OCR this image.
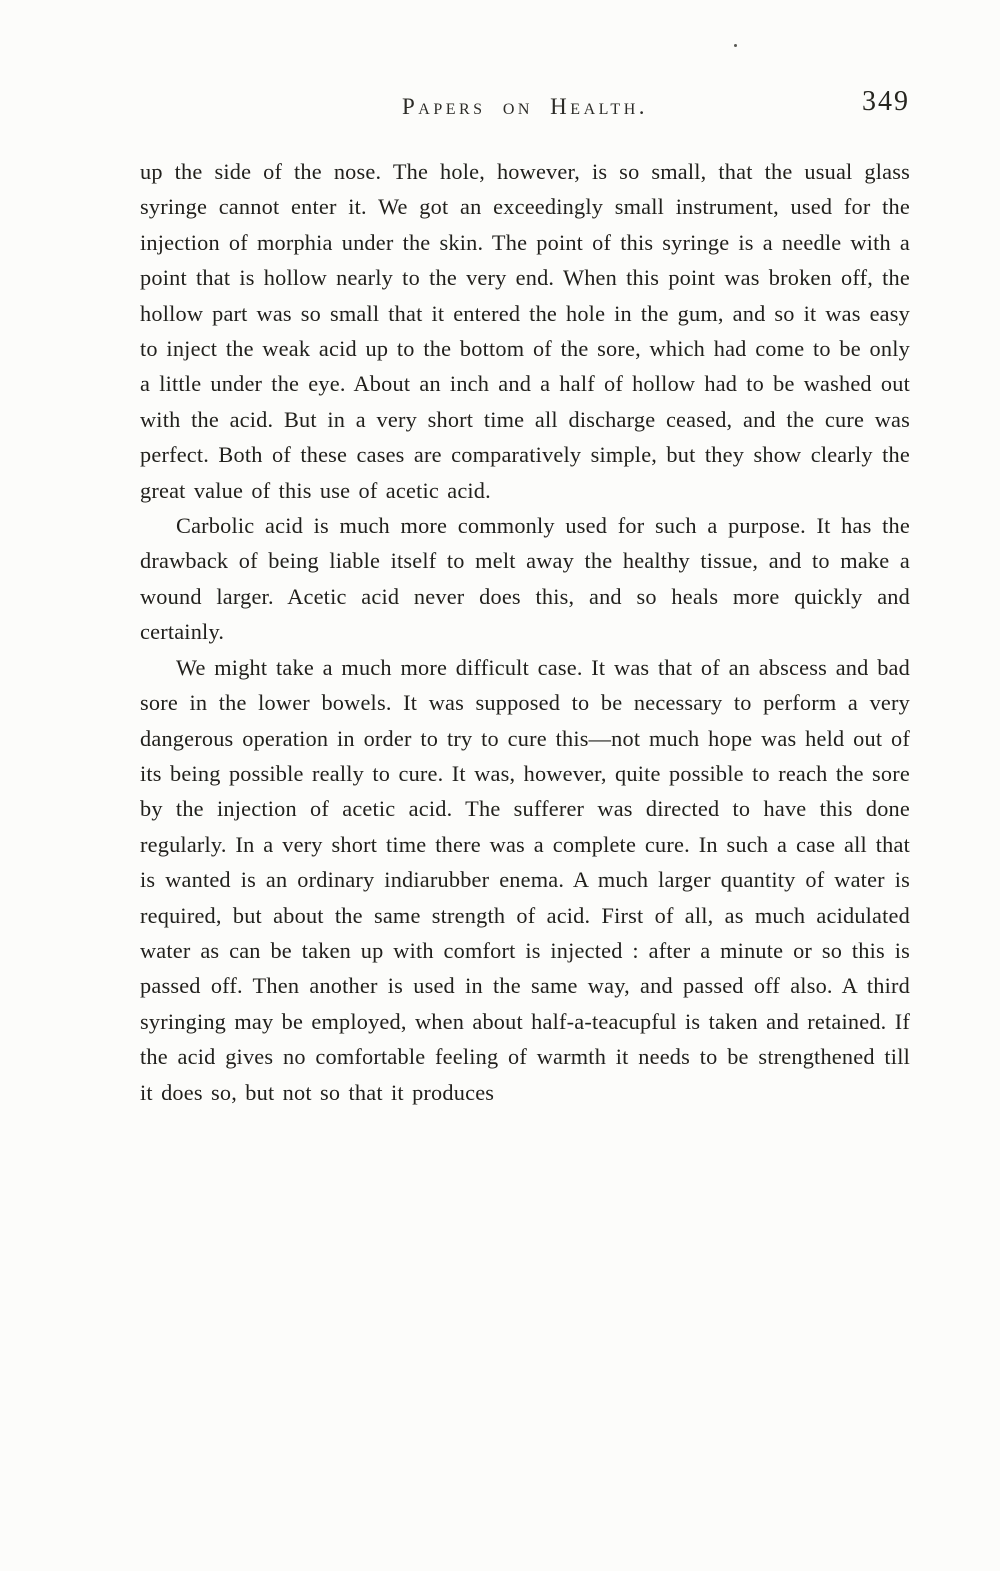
Papers on Health.	349

up the side of the nose. The hole, however, is so small, that the usual glass syringe cannot enter it. We got an exceedingly small instrument, used for the injection of morphia under the skin. The point of this syringe is a needle with a point that is hollow nearly to the very end. When this point was broken off, the hollow part was so small that it entered the hole in the gum, and so it was easy to inject the weak acid up to the bottom of the sore, which had come to be only a little under the eye. About an inch and a half of hollow had to be washed out with the acid. But in a very short time all discharge ceased, and the cure was perfect. Both of these cases are comparatively simple, but they show clearly the great value of this use of acetic acid.

Carbolic acid is much more commonly used for such a purpose. It has the drawback of being liable itself to melt away the healthy tissue, and to make a wound larger. Acetic acid never does this, and so heals more quickly and certainly.

We might take a much more difficult case. It was that of an abscess and bad sore in the lower bowels. It was supposed to be necessary to perform a very dangerous operation in order to try to cure this—not much hope was held out of its being possible really to cure. It was, however, quite possible to reach the sore by the injection of acetic acid. The sufferer was directed to have this done regularly. In a very short time there was a complete cure. In such a case all that is wanted is an ordinary indiarubber enema. A much larger quantity of water is required, but about the same strength of acid. First of all, as much acidulated water as can be taken up with comfort is injected : after a minute or so this is passed off. Then another is used in the same way, and passed off also. A third syringing may be employed, when about half-a-teacupful is taken and retained. If the acid gives no comfortable feeling of warmth it needs to be strengthened till it does so, but not so that it produces
